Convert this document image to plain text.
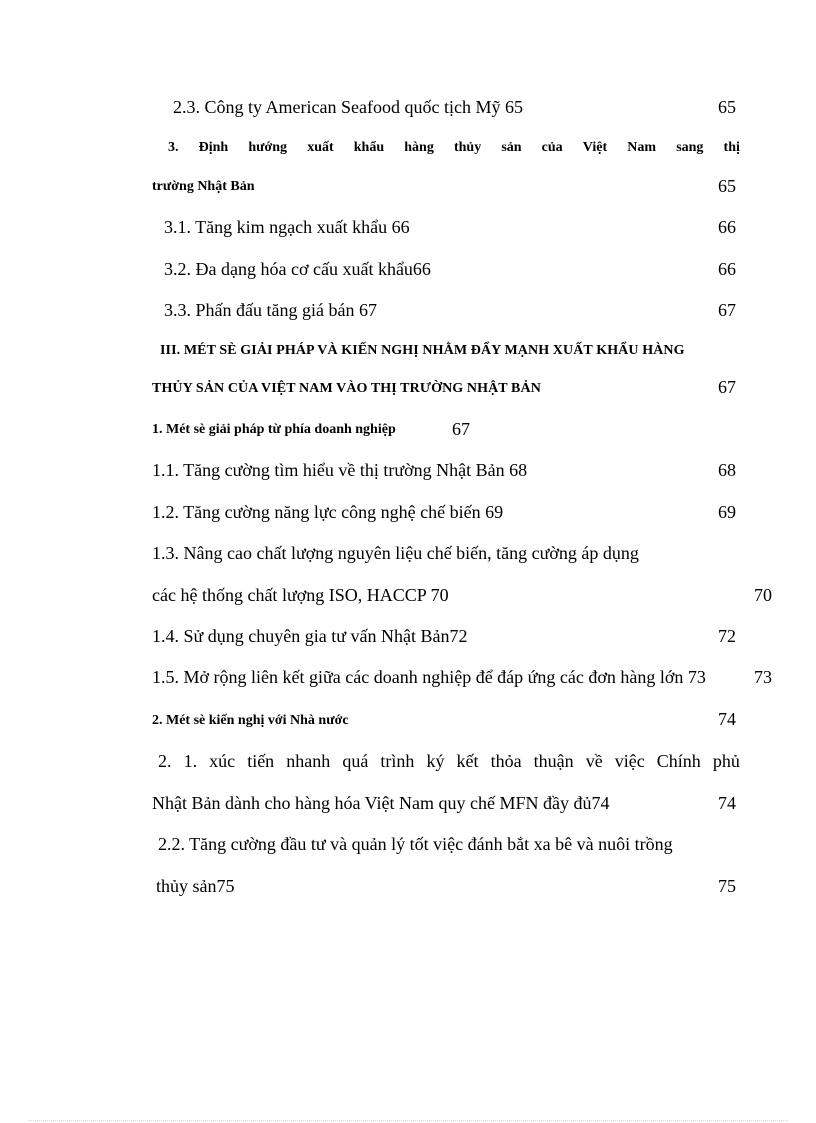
2.3. Công ty American Seafood quốc tịch Mỹ 65	65
3. Định hướng xuất khẩu hàng thủy sản của Việt Nam sang thị
trường Nhật Bản	65
3.1. Tăng kim ngạch xuất khẩu 66	66
3.2. Đa dạng hóa cơ cấu xuất khẩu66	66
3.3. Phấn đấu tăng giá bán 67	67
III. MÉT SÈ GIẢI PHÁP VÀ KIẾN NGHỊ NHẰM ĐẨY MẠNH XUẤT KHẨU HÀNG
THỦY SẢN CỦA VIỆT NAM VÀO THỊ TRƯỜNG NHẬT BẢN	67
1. Mét sè giải pháp từ phía doanh nghiệp	67
1.1. Tăng cường tìm hiểu về thị trường Nhật Bản 68	68
1.2. Tăng cường năng lực công nghệ chế biến 69	69
1.3. Nâng cao chất lượng nguyên liệu chế biến, tăng cường áp dụng
các hệ thống chất lượng ISO, HACCP 70	70
1.4. Sử dụng chuyên gia tư vấn Nhật Bản72	72
1.5. Mở rộng liên kết giữa các doanh nghiệp để đáp ứng các đơn hàng lớn 73	73
2. Mét sè kiến nghị với Nhà nước	74
2. 1. xúc tiến nhanh quá trình ký kết thỏa thuận về việc Chính phủ
Nhật Bản dành cho hàng hóa Việt Nam quy chế MFN đầy đủ74	74
2.2. Tăng cường đầu tư và quản lý tốt việc đánh bắt xa bê và nuôi trồng
thủy sản75	75
